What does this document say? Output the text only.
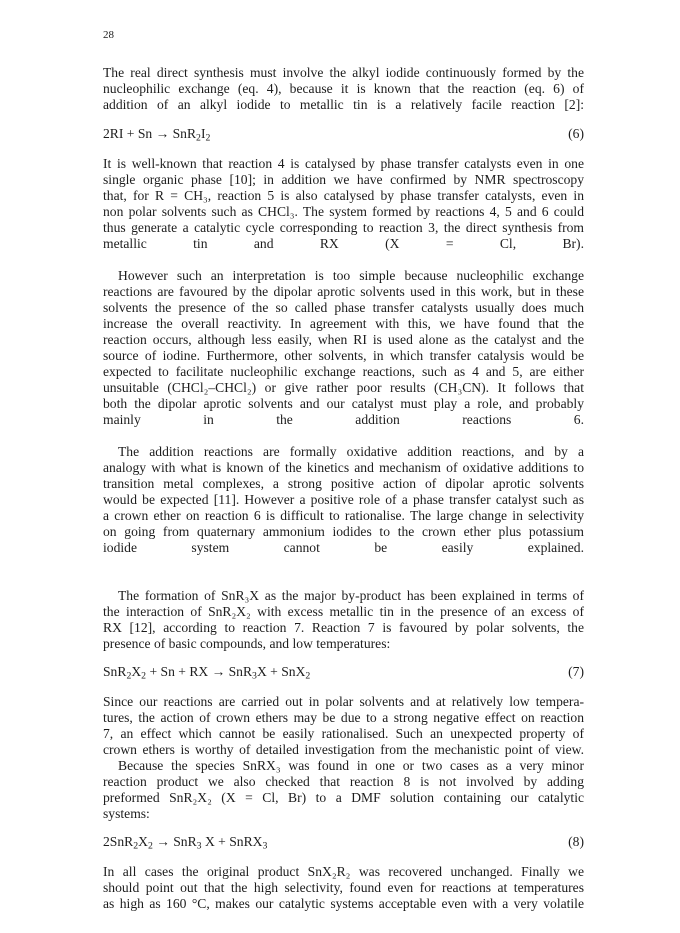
28
The real direct synthesis must involve the alkyl iodide continuously formed by the
nucleophilic exchange (eq. 4), because it is known that the reaction (eq. 6) of
addition of an alkyl iodide to metallic tin is a relatively facile reaction [2]:
$2RI + Sn \to SnR_2I_2$	(6)
It is well-known that reaction 4 is catalysed by phase transfer catalysts even in one
single organic phase [10]; in addition we have confirmed by NMR spectroscopy
that, for R = CH₃, reaction 5 is also catalysed by phase transfer catalysts, even in
non polar solvents such as CHCl₃. The system formed by reactions 4, 5 and 6 could
thus generate a catalytic cycle corresponding to reaction 3, the direct synthesis from
metallic tin and RX (X = Cl, Br).
However such an interpretation is too simple because nucleophilic exchange
reactions are favoured by the dipolar aprotic solvents used in this work, but in these
solvents the presence of the so called phase transfer catalysts usually does much
increase the overall reactivity. In agreement with this, we have found that the
reaction occurs, although less easily, when RI is used alone as the catalyst and the
source of iodine. Furthermore, other solvents, in which transfer catalysis would be
expected to facilitate nucleophilic exchange reactions, such as 4 and 5, are either
unsuitable (CHCl₂–CHCl₂) or give rather poor results (CH₃CN). It follows that
both the dipolar aprotic solvents and our catalyst must play a role, and probably
mainly in the addition reactions 6.
The addition reactions are formally oxidative addition reactions, and by a
analogy with what is known of the kinetics and mechanism of oxidative additions to
transition metal complexes, a strong positive action of dipolar aprotic solvents
would be expected [11]. However a positive role of a phase transfer catalyst such as
a crown ether on reaction 6 is difficult to rationalise. The large change in selectivity
on going from quaternary ammonium iodides to the crown ether plus potassium
iodide system cannot be easily explained.
The formation of SnR₃X as the major by-product has been explained in terms of
the interaction of SnR₂X₂ with excess metallic tin in the presence of an excess of
RX [12], according to reaction 7. Reaction 7 is favoured by polar solvents, the
presence of basic compounds, and low temperatures:
$SnR_2X_2 + Sn$ + RX → SnR$_3$X + SnX$_2$	(7)
Since our reactions are carried out in polar solvents and at relatively low tempera-
tures, the action of crown ethers may be due to a strong negative effect on reaction
7, an effect which cannot be easily rationalised. Such an unexpected property of
crown ethers is worthy of detailed investigation from the mechanistic point of view.
Because the species SnRX₃ was found in one or two cases as a very minor
reaction product we also checked that reaction 8 is not involved by adding
preformed SnR₂X₂ (X = Cl, Br) to a DMF solution containing our catalytic
systems:
$2SnR_2X_2 \to SnR_3$ X + SnRX$_3$	(8)
In all cases the original product SnX₂R₂ was recovered unchanged. Finally we
should point out that the high selectivity, found even for reactions at temperatures
as high as 160 °C, makes our catalytic systems acceptable even with a very volatile
